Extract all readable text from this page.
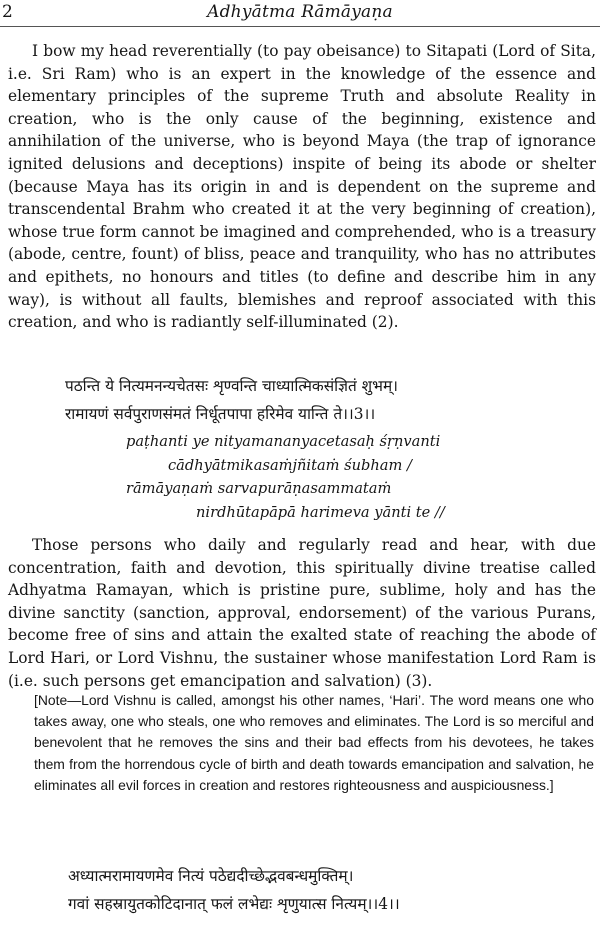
2	Adhyātma Rāmāyaṇa
I bow my head reverentially (to pay obeisance) to Sitapati (Lord of Sita, i.e. Sri Ram) who is an expert in the knowledge of the essence and elementary principles of the supreme Truth and absolute Reality in creation, who is the only cause of the beginning, existence and annihilation of the universe, who is beyond Maya (the trap of ignorance ignited delusions and deceptions) inspite of being its abode or shelter (because Maya has its origin in and is dependent on the supreme and transcendental Brahm who created it at the very beginning of creation), whose true form cannot be imagined and comprehended, who is a treasury (abode, centre, fount) of bliss, peace and tranquility, who has no attributes and epithets, no honours and titles (to define and describe him in any way), is without all faults, blemishes and reproof associated with this creation, and who is radiantly self-illuminated (2).
पठन्ति ये नित्यमनन्यचेतसः शृण्वन्ति चाध्यात्मिकसंज्ञितं शुभम्।
रामायणं सर्वपुराणसंमतं निर्धूतपापा हरिमेव यान्ति ते।।3।।
paṭhanti ye nityamananyacetasaḥ śṛṇvanti
cādhyātmikasaṁjñitaṁ śubham /
rāmāyaṇaṁ sarvapurāṇasammataṁ
nirdhūtapāpā harimeva yānti te //
Those persons who daily and regularly read and hear, with due concentration, faith and devotion, this spiritually divine treatise called Adhyatma Ramayan, which is pristine pure, sublime, holy and has the divine sanctity (sanction, approval, endorsement) of the various Purans, become free of sins and attain the exalted state of reaching the abode of Lord Hari, or Lord Vishnu, the sustainer whose manifestation Lord Ram is (i.e. such persons get emancipation and salvation) (3).
[Note—Lord Vishnu is called, amongst his other names, ‘Hari’. The word means one who takes away, one who steals, one who removes and eliminates. The Lord is so merciful and benevolent that he removes the sins and their bad effects from his devotees, he takes them from the horrendous cycle of birth and death towards emancipation and salvation, he eliminates all evil forces in creation and restores righteousness and auspiciousness.]
अध्यात्मरामायणमेव नित्यं पठेद्यदीच्छेद्भवबन्धमुक्तिम्।
गवां सहस्रायुतकोटिदानात् फलं लभेद्यः शृणुयात्स नित्यम्।।4।।
